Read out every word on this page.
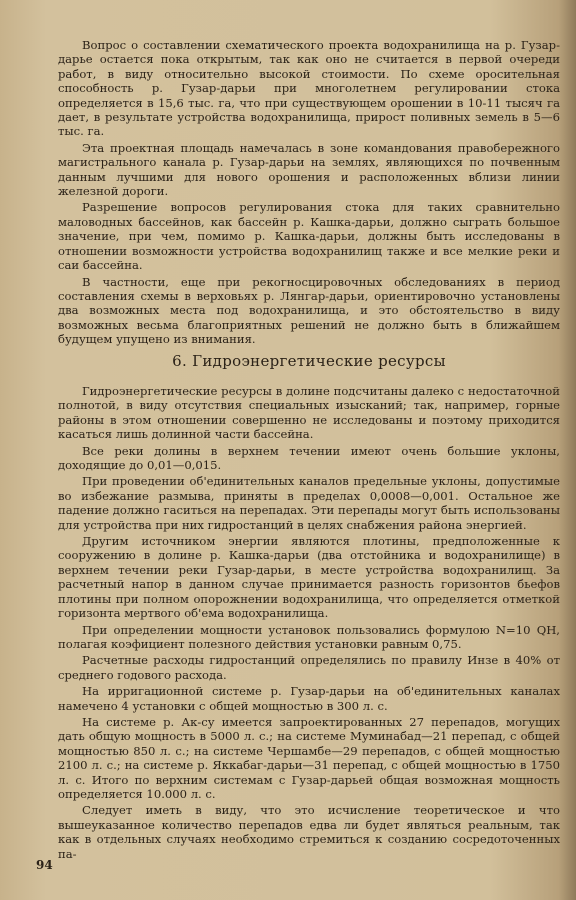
Вопрос о составлении схематического проекта водохранилища на р. Гузар-дарье остается пока открытым, так как оно не считается в первой очереди работ, в виду относительно высокой стоимости. По схеме оросительная способность р. Гузар-дарьи при многолетнем регулировании стока определяется в 15,6 тыс. га, что при существующем орошении в 10-11 тысяч га дает, в результате устройства водохранилища, прирост поливных земель в 5—6 тыс. га.

Эта проектная площадь намечалась в зоне командования правобережного магистрального канала р. Гузар-дарьи на землях, являющихся по почвенным данным лучшими для нового орошения и расположенных вблизи линии железной дороги.

Разрешение вопросов регулирования стока для таких сравнительно маловодных бассейнов, как бассейн р. Кашка-дарьи, должно сыграть большое значение, при чем, помимо р. Кашка-дарьи, должны быть исследованы в отношении возможности устройства водохранилищ также и все мелкие реки и саи бассейна.

В частности, еще при рекогносцировочных обследованиях в период составления схемы в верховьях р. Лянгар-дарьи, ориентировочно установлены два возможных места под водохранилища, и это обстоятельство в виду возможных весьма благоприятных решений не должно быть в ближайшем будущем упущено из внимания.

6. Гидроэнергетические ресурсы

Гидроэнергетические ресурсы в долине подсчитаны далеко с недостаточной полнотой, в виду отсутствия специальных изысканий; так, например, горные районы в этом отношении совершенно не исследованы и поэтому приходится касаться лишь долинной части бассейна.

Все реки долины в верхнем течении имеют очень большие уклоны, доходящие до 0,01—0,015.

При проведении об'единительных каналов предельные уклоны, допустимые во избежание размыва, приняты в пределах 0,0008—0,001. Остальное же падение должно гаситься на перепадах. Эти перепады могут быть использованы для устройства при них гидростанций в целях снабжения района энергией.

Другим источником энергии являются плотины, предположенные к сооружению в долине р. Кашка-дарьи (два отстойника и водохранилище) в верхнем течении реки Гузар-дарьи, в месте устройства водохранилищ. За расчетный напор в данном случае принимается разность горизонтов бьефов плотины при полном опорожнении водохранилища, что определяется отметкой горизонта мертвого об'ема водохранилища.

При определении мощности установок пользовались формулою N=10 QH, полагая коэфициент полезного действия установки равным 0,75.

Расчетные расходы гидростанций определялись по правилу Инзе в 40% от среднего годового расхода.

На ирригационной системе р. Гузар-дарьи на об'единительных каналах намечено 4 установки с общей мощностью в 300 л. с.

На системе р. Ак-су имеется запроектированных 27 перепадов, могущих дать общую мощность в 5000 л. с.; на системе Муминабад—21 перепад, с общей мощностью 850 л. с.; на системе Чершамбе—29 перепадов, с общей мощностью 2100 л. с.; на системе р. Яккабаг-дарьи—31 перепад, с общей мощностью в 1750 л. с. Итого по верхним системам с Гузар-дарьей общая возможная мощность определяется 10.000 л. с.

Следует иметь в виду, что это исчисление теоретическое и что вышеуказанное количество перепадов едва ли будет являться реальным, так как в отдельных случаях необходимо стремиться к созданию сосредоточенных па-

94
